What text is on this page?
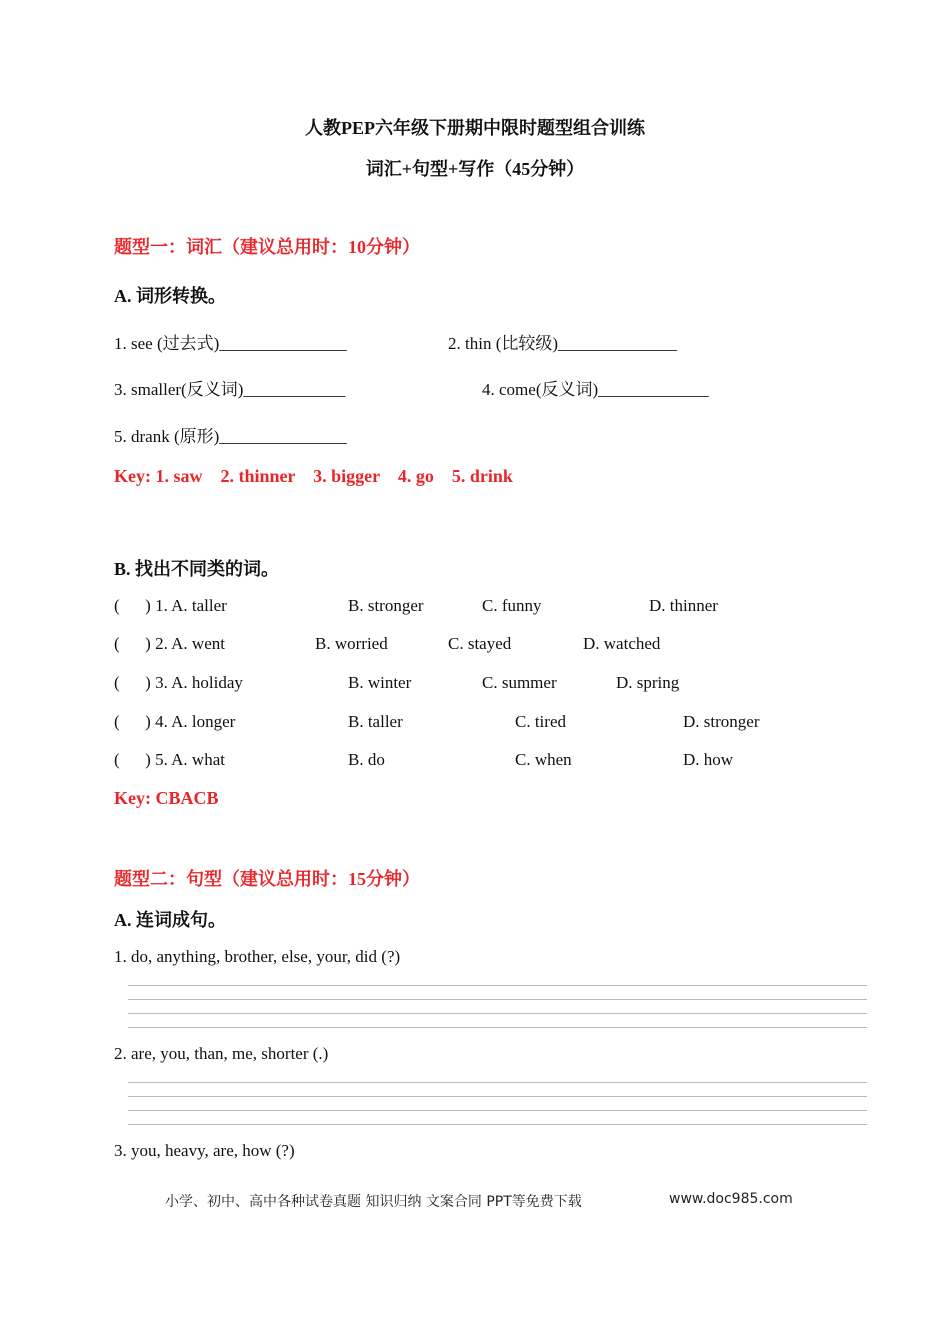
人教PEP六年级下册期中限时题型组合训练
词汇+句型+写作（45分钟）
题型一：词汇（建议总用时：10分钟）
A. 词形转换。
1. see (过去式)_______________	2. thin (比较级)______________
3. smaller(反义词)____________	4. come(反义词)_____________
5. drank (原形)_______________
Key: 1. saw    2. thinner    3. bigger    4. go    5. drink
B. 找出不同类的词。
(      ) 1. A. taller	B. stronger	C. funny	D. thinner
(      ) 2. A. went	B. worried	C. stayed	D. watched
(      ) 3. A. holiday	B. winter	C. summer	D. spring
(      ) 4. A. longer	B. taller	C. tired	D. stronger
(      ) 5. A. what	B. do	C. when	D. how
Key: CBACB
题型二：句型（建议总用时：15分钟）
A. 连词成句。
1. do, anything, brother, else, your, did (?)
2. are, you, than, me, shorter (.)
3. you, heavy, are, how (?)
小学、初中、高中各种试卷真题 知识归纳 文案合同 PPT等免费下载	www.doc985.com
